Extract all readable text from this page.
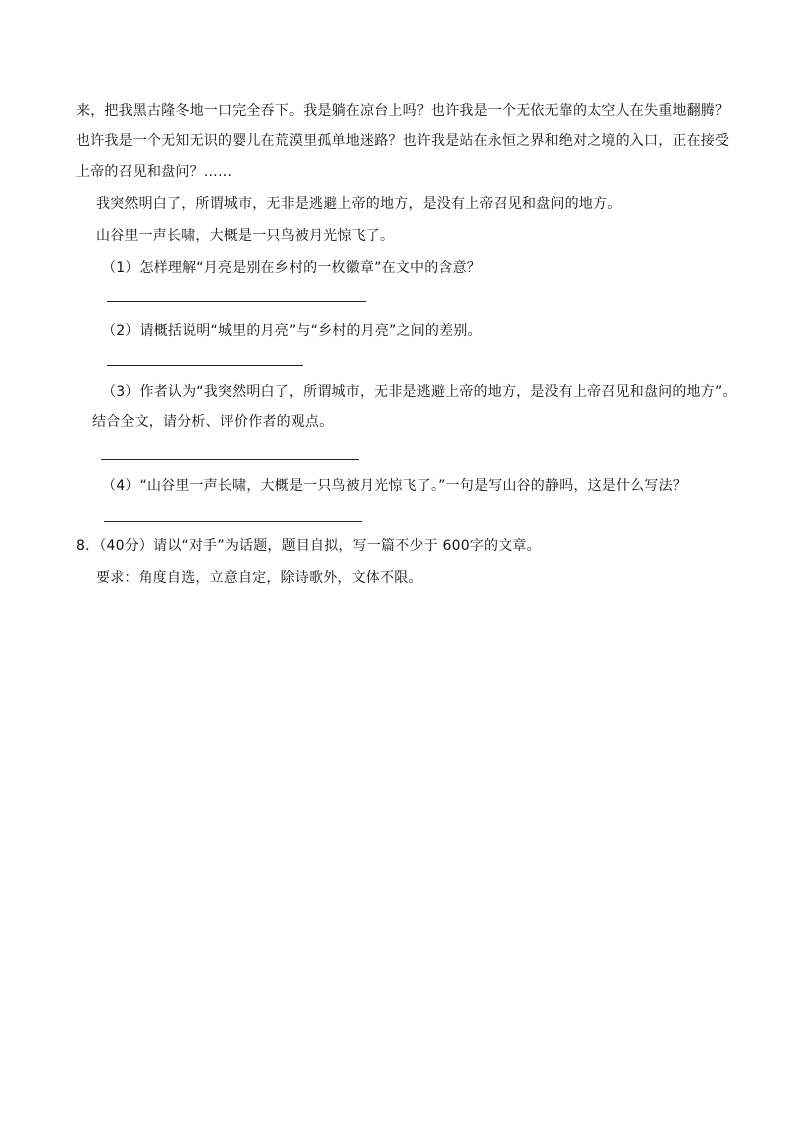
来，把我黑古隆冬地一口完全吞下。我是躺在凉台上吗？也许我是一个无依无靠的太空人在失重地翻腾？
也许我是一个无知无识的婴儿在荒漠里孤单地迷路？也许我是站在永恒之界和绝对之境的入口，正在接受
上帝的召见和盘问？……
我突然明白了，所谓城市，无非是逃避上帝的地方，是没有上帝召见和盘问的地方。
山谷里一声长啸，大概是一只鸟被月光惊飞了。
（1）怎样理解“月亮是别在乡村的一枚徽章”在文中的含意？
（2）请概括说明“城里的月亮”与“乡村的月亮”之间的差别。
（3）作者认为“我突然明白了，所谓城市，无非是逃避上帝的地方，是没有上帝召见和盘问的地方”。
结合全文，请分析、评价作者的观点。
（4）“山谷里一声长啸，大概是一只鸟被月光惊飞了。”一句是写山谷的静吗，这是什么写法？
8．（40分）请以“对手”为话题，题目自拟，写一篇不少于 600字的文章。
要求：角度自选，立意自定，除诗歌外，文体不限。
